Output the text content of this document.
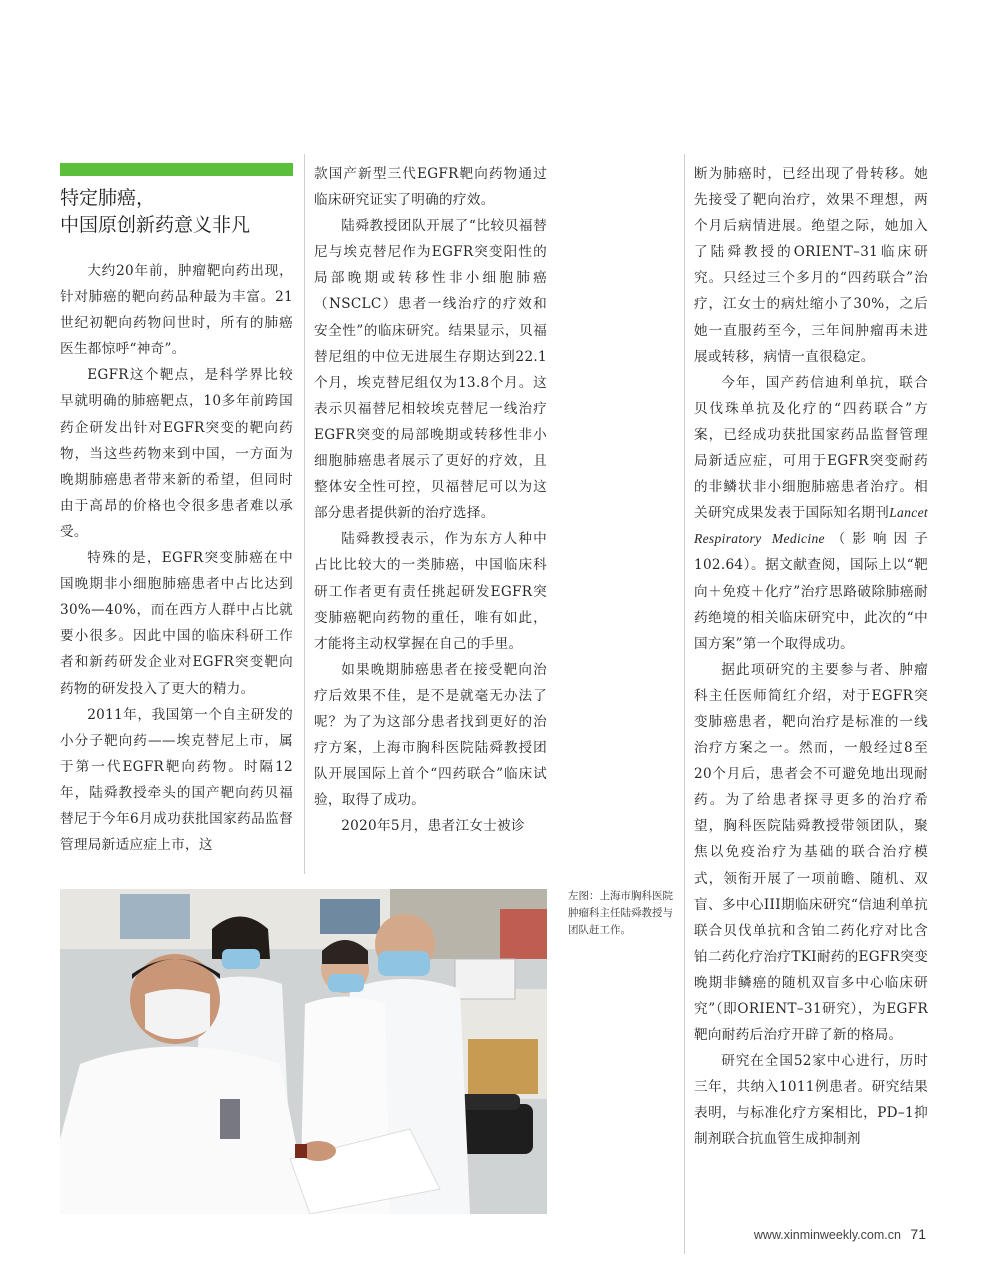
特定肺癌，
中国原创新药意义非凡

大约20年前，肿瘤靶向药出现，针对肺癌的靶向药品种最为丰富。21世纪初靶向药物问世时，所有的肺癌医生都惊呼“神奇”。

EGFR这个靶点，是科学界比较早就明确的肺癌靶点，10多年前跨国药企研发出针对EGFR突变的靶向药物，当这些药物来到中国，一方面为晚期肺癌患者带来新的希望，但同时由于高昂的价格也令很多患者难以承受。

特殊的是，EGFR突变肺癌在中国晚期非小细胞肺癌患者中占比达到30%—40%，而在西方人群中占比就要小很多。因此中国的临床科研工作者和新药研发企业对EGFR突变靶向药物的研发投入了更大的精力。

2011年，我国第一个自主研发的小分子靶向药——埃克替尼上市，属于第一代EGFR靶向药物。时隔12年，陆舜教授牵头的国产靶向药贝福替尼于今年6月成功获批国家药品监督管理局新适应症上市，这

款国产新型三代EGFR靶向药物通过临床研究证实了明确的疗效。

陆舜教授团队开展了“比较贝福替尼与埃克替尼作为EGFR突变阳性的局部晚期或转移性非小细胞肺癌（NSCLC）患者一线治疗的疗效和安全性”的临床研究。结果显示，贝福替尼组的中位无进展生存期达到22.1个月，埃克替尼组仅为13.8个月。这表示贝福替尼相较埃克替尼一线治疗EGFR突变的局部晚期或转移性非小细胞肺癌患者展示了更好的疗效，且整体安全性可控，贝福替尼可以为这部分患者提供新的治疗选择。

陆舜教授表示，作为东方人种中占比比较大的一类肺癌，中国临床科研工作者更有责任挑起研发EGFR突变肺癌靶向药物的重任，唯有如此，才能将主动权掌握在自己的手里。

如果晚期肺癌患者在接受靶向治疗后效果不佳，是不是就毫无办法了呢？为了为这部分患者找到更好的治疗方案，上海市胸科医院陆舜教授团队开展国际上首个“四药联合”临床试验，取得了成功。

2020年5月，患者江女士被诊

断为肺癌时，已经出现了骨转移。她先接受了靶向治疗，效果不理想，两个月后病情进展。绝望之际，她加入了陆舜教授的ORIENT–31临床研究。只经过三个多月的“四药联合”治疗，江女士的病灶缩小了30%，之后她一直服药至今，三年间肿瘤再未进展或转移，病情一直很稳定。

今年，国产药信迪利单抗，联合贝伐珠单抗及化疗的“四药联合”方案，已经成功获批国家药品监督管理局新适应症，可用于EGFR突变耐药的非鳞状非小细胞肺癌患者治疗。相关研究成果发表于国际知名期刊Lancet Respiratory Medicine（影响因子102.64）。据文献查阅，国际上以“靶向＋免疫＋化疗”治疗思路破除肺癌耐药绝境的相关临床研究中，此次的“中国方案”第一个取得成功。

据此项研究的主要参与者、肿瘤科主任医师简红介绍，对于EGFR突变肺癌患者，靶向治疗是标准的一线治疗方案之一。然而，一般经过8至20个月后，患者会不可避免地出现耐药。为了给患者探寻更多的治疗希望，胸科医院陆舜教授带领团队，聚焦以免疫治疗为基础的联合治疗模式，领衔开展了一项前瞻、随机、双盲、多中心III期临床研究“信迪利单抗联合贝伐单抗和含铂二药化疗对比含铂二药化疗治疗TKI耐药的EGFR突变晚期非鳞癌的随机双盲多中心临床研究”（即ORIENT–31研究），为EGFR靶向耐药后治疗开辟了新的格局。

研究在全国52家中心进行，历时三年，共纳入1011例患者。研究结果表明，与标准化疗方案相比，PD–1抑制剂联合抗血管生成抑制剂

左图：上海市胸科医院肿瘤科主任陆舜教授与团队赶工作。
www.xinminweekly.com.cn 71
